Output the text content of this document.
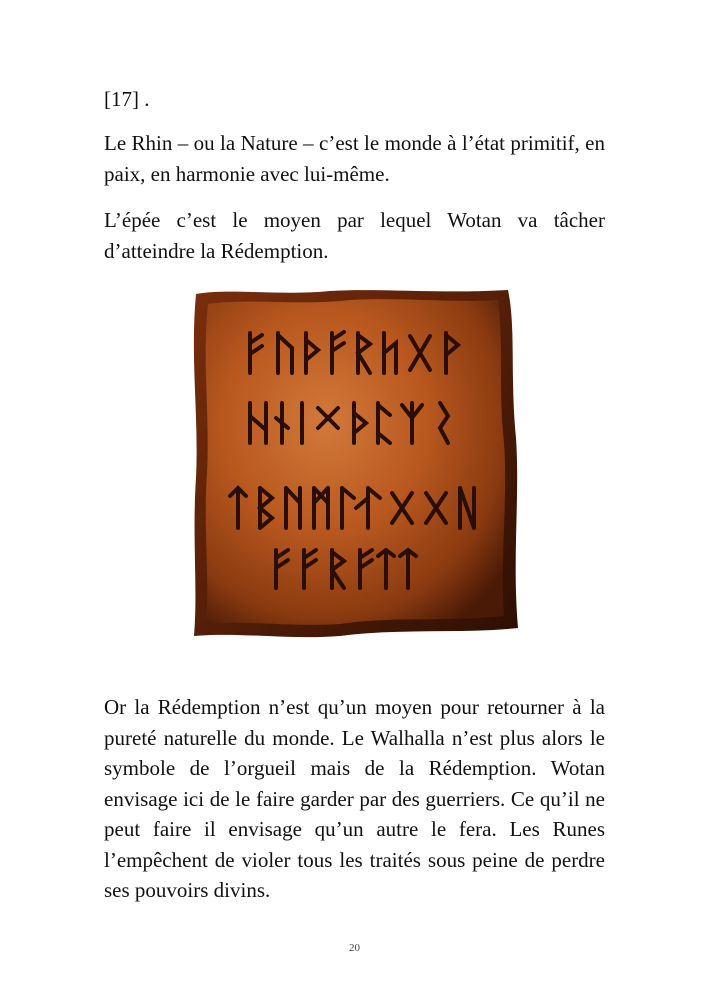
[17] .

Le Rhin – ou la Nature – c’est le monde à l’état primitif, en paix, en harmonie avec lui-même.

L’épée c’est le moyen par lequel Wotan va tâcher d’atteindre la Rédemption.

Or la Rédemption n’est qu’un moyen pour retourner à la pureté naturelle du monde. Le Walhalla n’est plus alors le symbole de l’orgueil mais de la Rédemption. Wotan envisage ici de le faire garder par des guerriers. Ce qu’il ne peut faire il envisage qu’un autre le fera. Les Runes l’empêchent de violer tous les traités sous peine de perdre ses pouvoirs divins.

20
